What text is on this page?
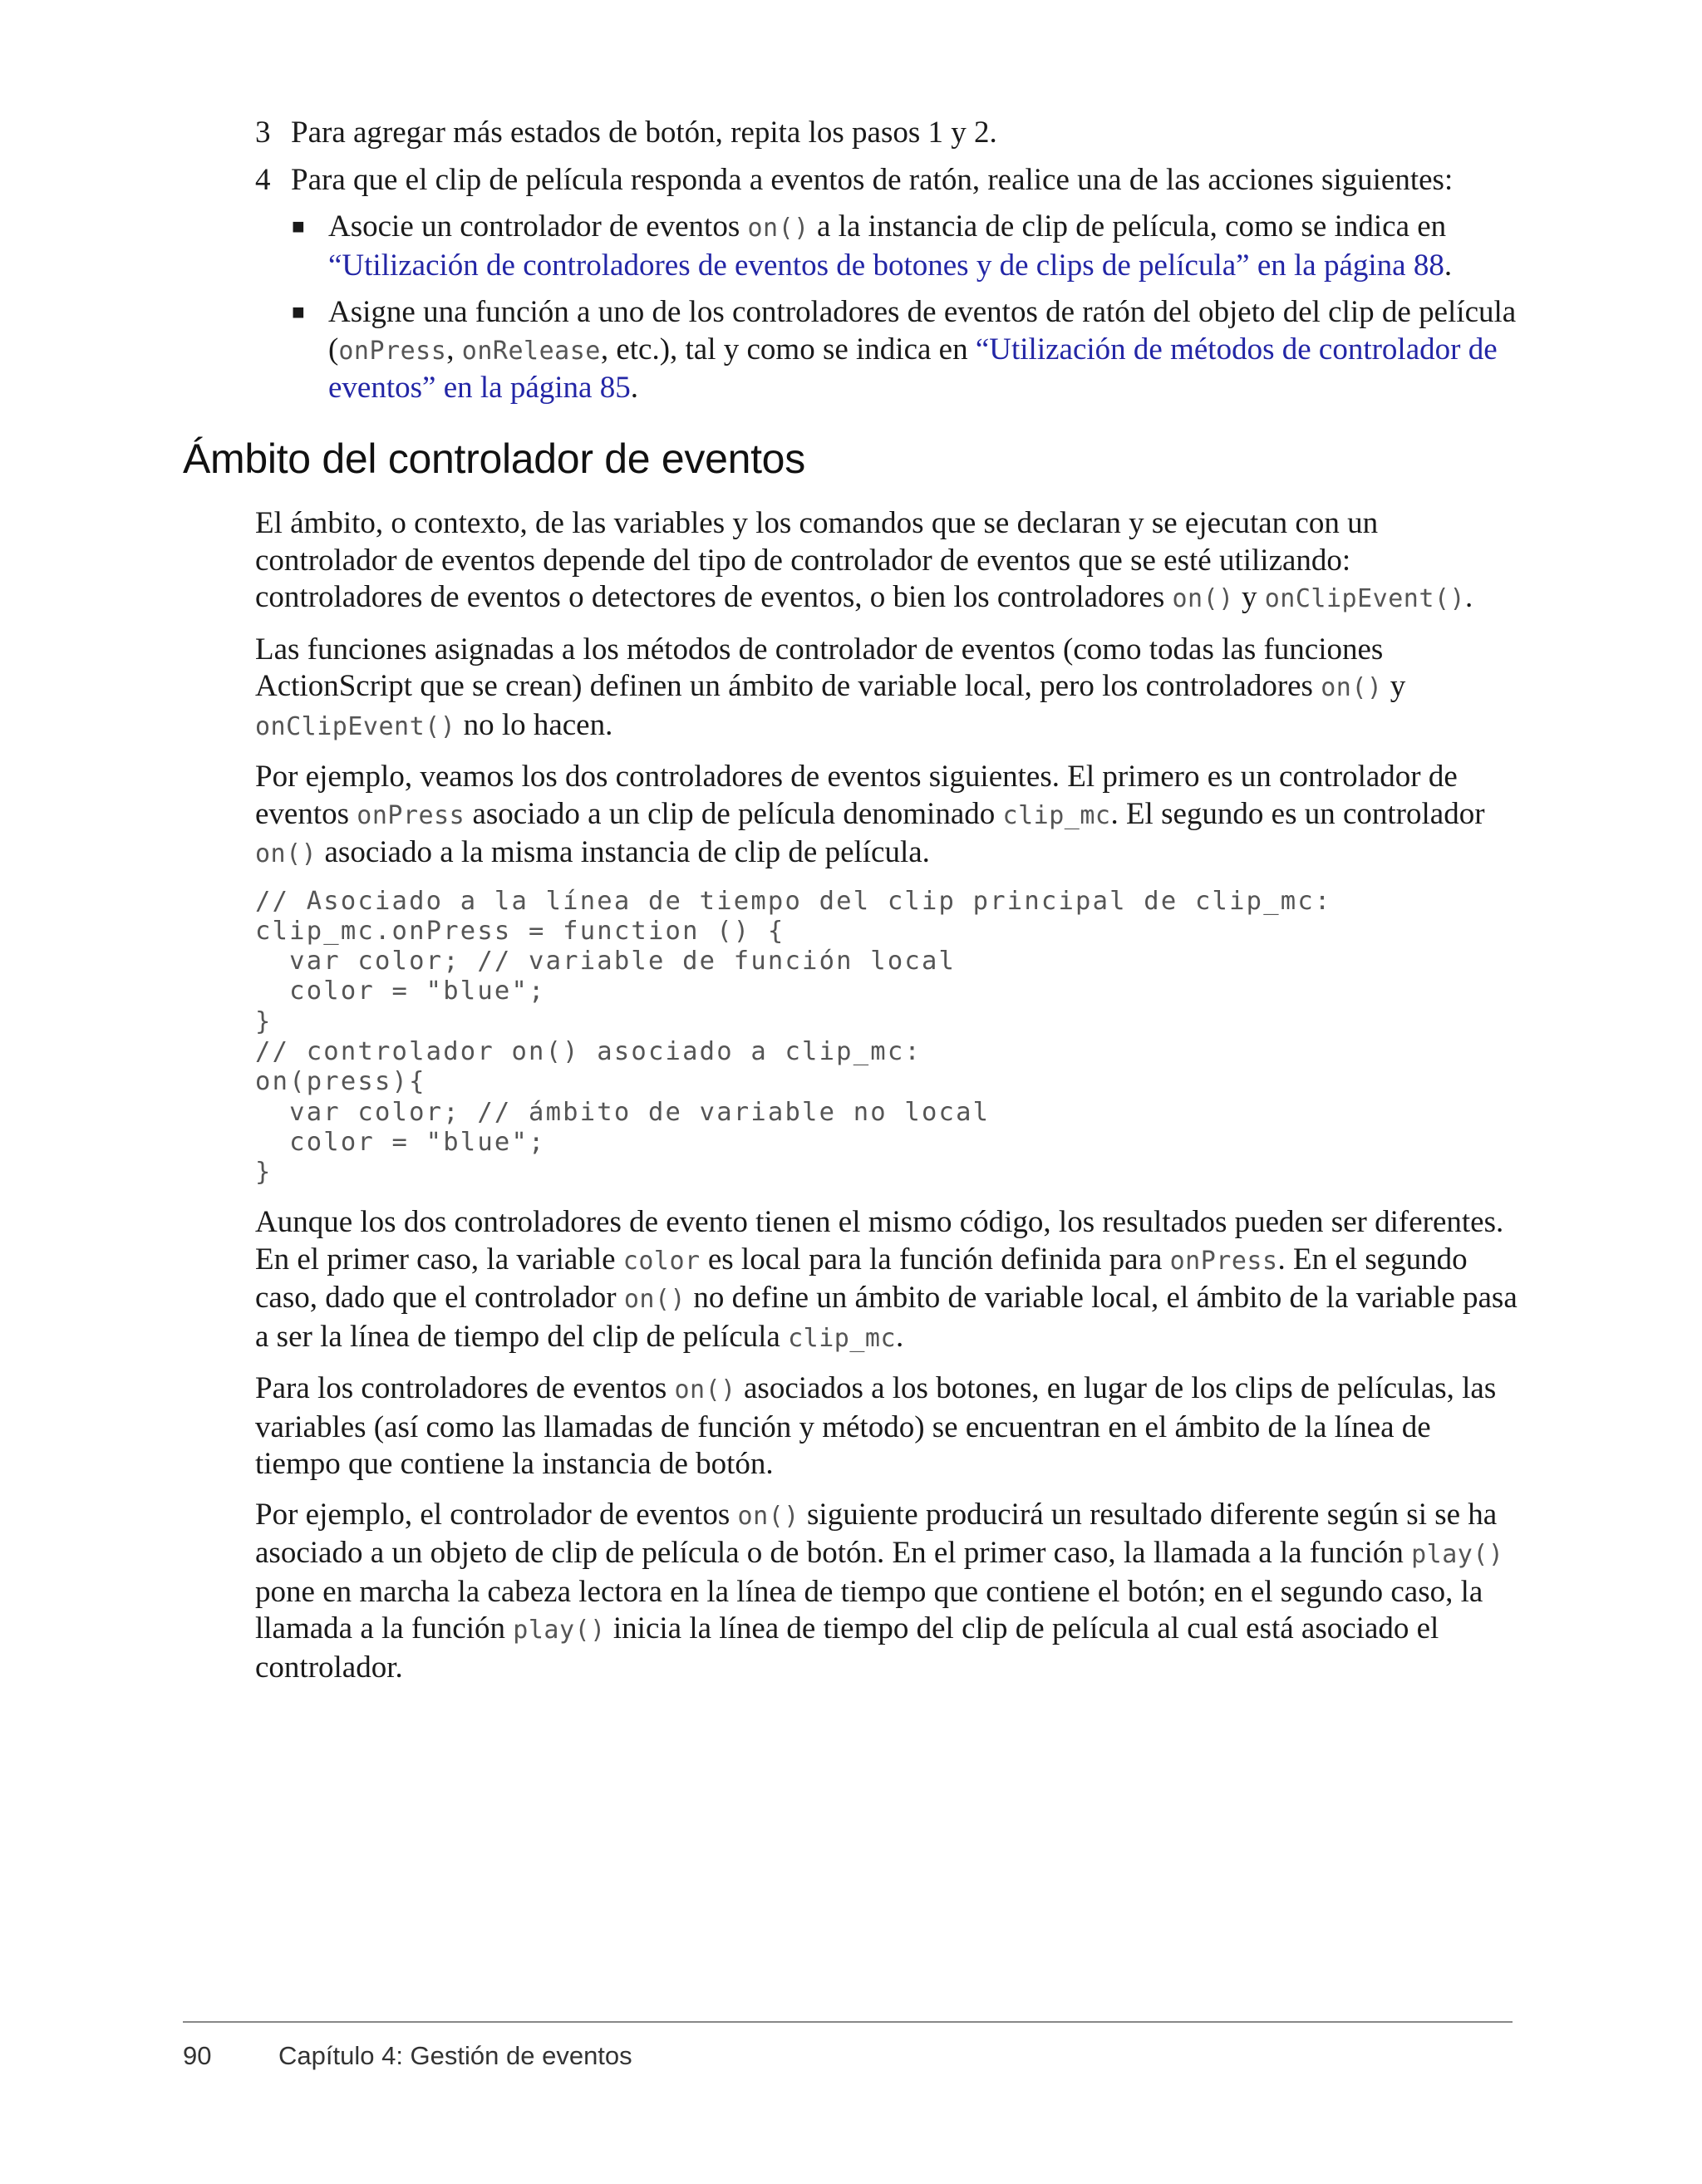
3 Para agregar más estados de botón, repita los pasos 1 y 2.

4 Para que el clip de película responda a eventos de ratón, realice una de las acciones siguientes:

■ Asocie un controlador de eventos on() a la instancia de clip de película, como se indica en “Utilización de controladores de eventos de botones y de clips de película” en la página 88.

■ Asigne una función a uno de los controladores de eventos de ratón del objeto del clip de película (onPress, onRelease, etc.), tal y como se indica en “Utilización de métodos de controlador de eventos” en la página 85.

Ámbito del controlador de eventos

El ámbito, o contexto, de las variables y los comandos que se declaran y se ejecutan con un controlador de eventos depende del tipo de controlador de eventos que se esté utilizando: controladores de eventos o detectores de eventos, o bien los controladores on() y onClipEvent().

Las funciones asignadas a los métodos de controlador de eventos (como todas las funciones ActionScript que se crean) definen un ámbito de variable local, pero los controladores on() y onClipEvent() no lo hacen.

Por ejemplo, veamos los dos controladores de eventos siguientes. El primero es un controlador de eventos onPress asociado a un clip de película denominado clip_mc. El segundo es un controlador on() asociado a la misma instancia de clip de película.

// Asociado a la línea de tiempo del clip principal de clip_mc:
clip_mc.onPress = function () {
var color; // variable de función local
color = "blue";
}
// controlador on() asociado a clip_mc:
on(press){
var color; // ámbito de variable no local
color = "blue";
}

Aunque los dos controladores de evento tienen el mismo código, los resultados pueden ser diferentes. En el primer caso, la variable color es local para la función definida para onPress. En el segundo caso, dado que el controlador on() no define un ámbito de variable local, el ámbito de la variable pasa a ser la línea de tiempo del clip de película clip_mc.

Para los controladores de eventos on() asociados a los botones, en lugar de los clips de películas, las variables (así como las llamadas de función y método) se encuentran en el ámbito de la línea de tiempo que contiene la instancia de botón.

Por ejemplo, el controlador de eventos on() siguiente producirá un resultado diferente según si se ha asociado a un objeto de clip de película o de botón. En el primer caso, la llamada a la función play() pone en marcha la cabeza lectora en la línea de tiempo que contiene el botón; en el segundo caso, la llamada a la función play() inicia la línea de tiempo del clip de película al cual está asociado el controlador.

90	Capítulo 4: Gestión de eventos
